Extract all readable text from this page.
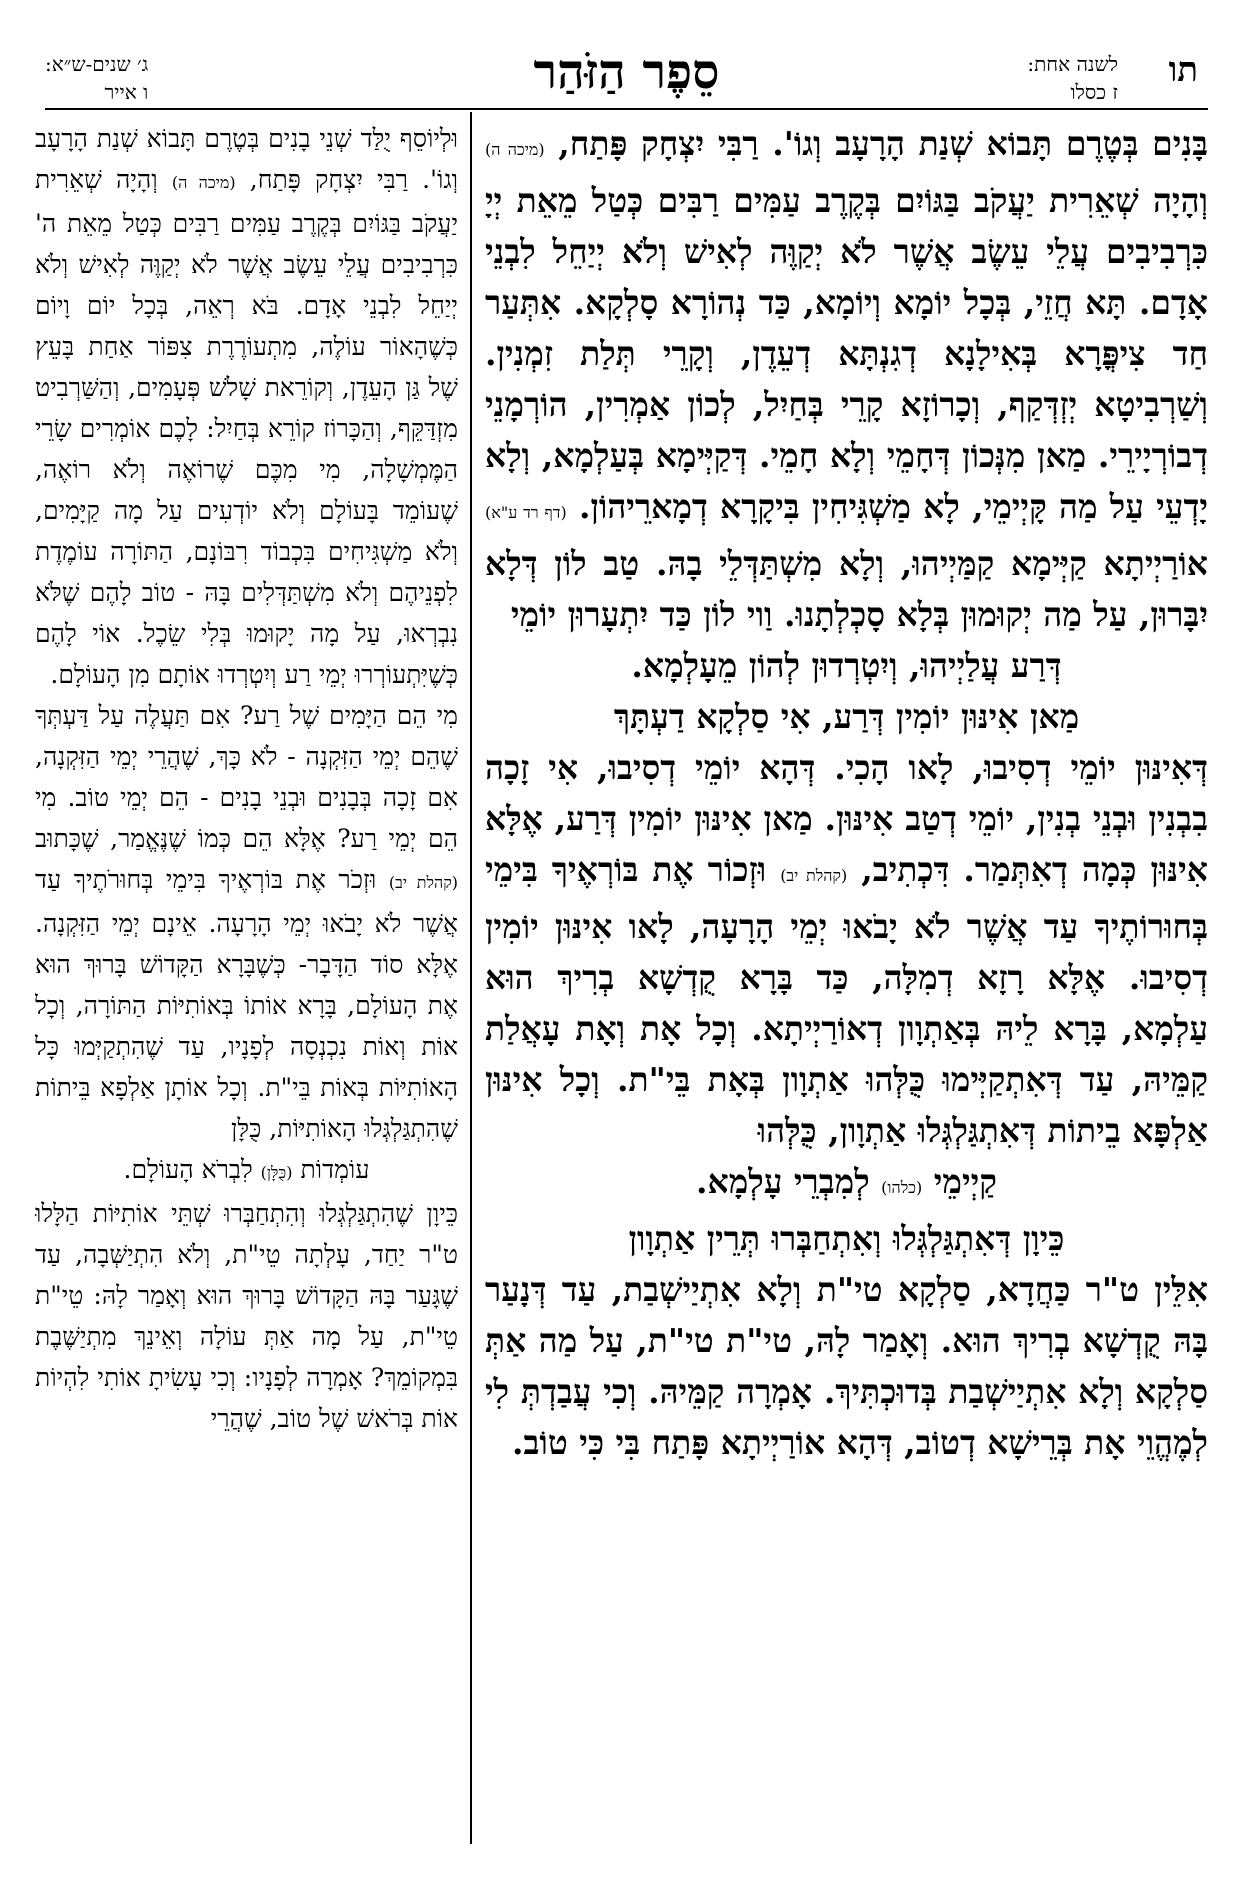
תו
לשנה אחת:
ז כסלו
סֵפֶר הַזֹּהַר
ג׳ שנים-ש״א:
ו אייר

בָּנִים בְּטֶרֶם תָּבוֹא שְׁנַת הָרָעָב וְגוֹ'. רַבִּי יִצְחָק פָּתַח, (מיכה ה) וְהָיָה שְׁאֵרִית יַעֲקֹב בַּגּוֹיִם בְּקֶרֶב עַמִּים רַבִּים כְּטַל מֵאֵת יְיָ כִּרְבִיבִים עֲלֵי עֵשֶׂב אֲשֶׁר לֹא יְקַוֶּה לְאִישׁ וְלֹא יְיַחֵל לִבְנֵי אָדָם. תָּא חֲזֵי, בְּכָל יוֹמָא וְיוֹמָא, כַּד נְהוֹרָא סָלְקָא. אִתְּעַר חַד צִיפֳּרָא בְּאִילָנָא דְגִנְתָּא דְעֵדֶן, וְקָרֵי תְּלַת זִמְנִין. וְשַׁרְבִיטָא יְזְדְּקַף, וְכָרוֹזָא קָרֵי בְּחַיִל, לְכוֹן אַמְרִין, הוֹרְמָנֵי דְבוֹרְיָירֵי. מַאן מִנְּכוֹן דְּחָמֵי וְלָא חָמֵי. דְּקַיְּימָא בְּעַלְמָא, וְלָא יָדְעֵי עַל מַה קָּיְימֵי, לָא מַשְׁגִּיחִין בִּיקָרָא דְמָארֵיהוֹן. (דף רד ע"א) אוֹרַיְיתָא קַיְּימָא קַמַּיְיהוּ, וְלָא מִשְׁתַּדְּלֵי בָהּ. טַב לוֹן דְּלָא יִבָּרוּן, עַל מַה יְקוּמוּן בְּלָא סָכְלְתָנוּ. וַוי לוֹן כַּד יִתְעָרוּן יוֹמֵי

דְּרַע עֲלַיְיהוּ, וְיִטְרְדוּן לְהוֹן מֵעָלְמָא.

מַאן אִינּוּן יוֹמִין דְּרַע, אִי סַלְקָא דַעְתָּךְ

דְּאִינּוּן יוֹמֵי דְסִיבוּ, לָאו הָכִי. דְּהָא יוֹמֵי דְסִיבוּ, אִי זָכָה בִבְנִין וּבְנֵי בְנִין, יוֹמֵי דְטַב אִינּוּן. מַאן אִינּוּן יוֹמִין דְּרַע, אֶלָּא אִינּוּן כְּמָה דְאִתְּמַר. דִּכְתִיב, (קהלת יב) וּזְכוֹר אֶת בּוֹרְאֶיךָ בִּימֵי בְּחוּרוֹתֶיךָ עַד אֲשֶׁר לֹא יָבֹאוּ יְמֵי הָרָעָה, לָאו אִינּוּן יוֹמִין דְסִיבוּ. אֶלָּא רָזָא דְמִלָּה, כַּד בָּרָא קֻדְשָׁא בְרִיךְ הוּא עַלְמָא, בָּרָא לֵיהּ בְּאַתְוָון דְאוֹרַיְיתָא. וְכָל אָת וְאָת עָאֲלַת קַמֵּיהּ, עַד דְּאִתְקַיְּימוּ כֻּלְּהוּ אַתְוָון בְּאָת בֵּי"ת. וְכָל אִינּוּן אַלְפָּא בֵיתוֹת דְּאִתְגַּלְגְּלוּ אַתְוָון, כֻּלְּהוּ

קַיְימֵי (כלהו) לְמִבְרֵי עָלְמָא.

כֵּיוָן דְּאִתְגַּלְגְּלוּ וְאִתְחַבְּרוּ תְּרֵין אַתְוָון

אִלֵּין ט"ר כַּחֲדָא, סַלְקָא טי"ת וְלָא אִתְיַישְׁבַת, עַד דְּנָעַר בָּהּ קֻדְשָׁא בְרִיךְ הוּא. וְאָמַר לָהּ, טי"ת טי"ת, עַל מַה אַתְּ סַלְקָא וְלָא אִתְיַישְׁבַת בְּדוּכְתִּיךְ. אָמְרָה קַמֵּיהּ. וְכִי עֲבַדְתְּ לִי לְמֶהֱוֵי אָת בְּרֵישָׁא דְטוֹב, דְּהָא אוֹרַיְיתָא פָּתַח בִּי כִּי טוֹב.

וּלְיוֹסֵף יֻלַּד שְׁנֵי בָנִים בְּטֶרֶם תָּבוֹא שְׁנַת הָרָעָב וְגוֹ'. רַבִּי יִצְחָק פָּתַח, (מיכה ה) וְהָיָה שְׁאֵרִית יַעֲקֹב בַּגּוֹיִם בְּקֶרֶב עַמִּים רַבִּים כְּטַל מֵאֵת ה' כִּרְבִיבִים עֲלֵי עֵשֶׂב אֲשֶׁר לֹא יְקַוֶּה לְאִישׁ וְלֹא יְיַחֵל לִבְנֵי אָדָם. בֹּא רְאֵה, בְּכָל יוֹם וָיוֹם כְּשֶׁהָאוֹר עוֹלֶה, מִתְעוֹרֶרֶת צִפּוֹר אַחַת בָּעֵץ שֶׁל גַּן הָעֵדֶן, וְקוֹרֵאת שָׁלֹשׁ פְּעָמִים, וְהַשַּׁרְבִיט מִזְדַּקֵּף, וְהַכָּרוֹז קוֹרֵא בְּחַיִל: לָכֶם אוֹמְרִים שָׂרֵי הַמֶּמְשָׁלָה, מִי מִכֶּם שֶׁרוֹאֶה וְלֹא רוֹאֶה, שֶׁעוֹמֵד בָּעוֹלָם וְלֹא יוֹדְעִים עַל מָה קַיָּמִים, וְלֹא מַשְׁגִּיחִים בִּכְבוֹד רִבּוֹנָם, הַתּוֹרָה עוֹמֶדֶת לִפְנֵיהֶם וְלֹא מִשְׁתַּדְּלִים בָּהּ - טוֹב לָהֶם שֶׁלֹּא נִבְרְאוּ, עַל מָה יָקוּמוּ בְּלִי שֵׂכֶל. אוֹי לָהֶם כְּשֶׁיִּתְעוֹרְרוּ יְמֵי רַע וְיִטְרְדוּ אוֹתָם מִן הָעוֹלָם.

מִי הֵם הַיָּמִים שֶׁל רַע? אִם תַּעֲלֶה עַל דַּעְתְּךָ שֶׁהֵם יְמֵי הַזִּקְנָה - לֹא כָּךְ, שֶׁהֲרֵי יְמֵי הַזִּקְנָה, אִם זָכָה בְּבָנִים וּבְנֵי בָנִים - הֵם יְמֵי טוֹב. מִי הֵם יְמֵי רַע? אֶלָּא הֵם כְּמוֹ שֶׁנֶּאֱמַר, שֶׁכָּתוּב (קהלת יב) וּזְכֹר אֶת בּוֹרְאֶיךָ בִּימֵי בְּחוּרֹתֶיךָ עַד אֲשֶׁר לֹא יָבֹאוּ יְמֵי הָרָעָה. אֵינָם יְמֵי הַזִּקְנָה. אֶלָּא סוֹד הַדָּבָר- כְּשֶׁבָּרָא הַקָּדוֹשׁ בָּרוּךְ הוּא אֶת הָעוֹלָם, בָּרָא אוֹתוֹ בְּאוֹתִיּוֹת הַתּוֹרָה, וְכָל אוֹת וְאוֹת נִכְנְסָה לְפָנָיו, עַד שֶׁהִתְקַיְּמוּ כָּל הָאוֹתִיּוֹת בְּאוֹת בֵּי"ת. וְכָל אוֹתָן אַלְפָא בֵּיתוֹת שֶׁהִתְגַּלְגְּלוּ הָאוֹתִיּוֹת, כֻּלָּן

עוֹמְדוֹת (כֻּלָּן) לִבְרֹא הָעוֹלָם.

כֵּיוָן שֶׁהִתְגַּלְגְּלוּ וְהִתְחַבְּרוּ שְׁתֵּי אוֹתִיּוֹת הַלָּלוּ ט"ר יַחַד, עָלְתָה טֵי"ת, וְלֹא הִתְיַשְּׁבָה, עַד שֶׁגָּעַר בָּהּ הַקָּדוֹשׁ בָּרוּךְ הוּא וְאָמַר לָהּ: טֵי"ת טֵי"ת, עַל מָה אַתְּ עוֹלָה וְאֵינֵךְ מִתְיַשֶּׁבֶת בִּמְקוֹמֵךְ? אָמְרָה לְפָנָיו: וְכִי עָשִׂיתָ אוֹתִי לִהְיוֹת אוֹת בְּרֹאשׁ שֶׁל טוֹב, שֶׁהֲרֵי
